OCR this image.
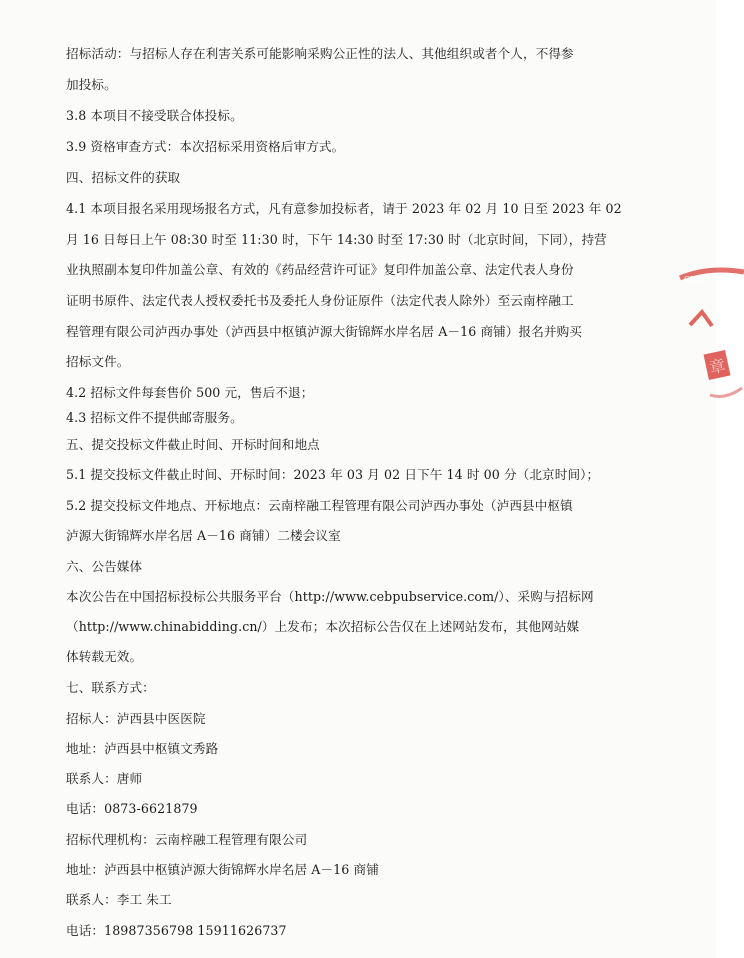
招标活动：与招标人存在利害关系可能影响采购公正性的法人、其他组织或者个人，不得参
加投标。
3.8 本项目不接受联合体投标。
3.9 资格审查方式：本次招标采用资格后审方式。
四、招标文件的获取
4.1 本项目报名采用现场报名方式，凡有意参加投标者，请于 2023 年 02 月 10 日至 2023 年 02
月 16 日每日上午 08:30 时至 11:30 时，下午 14:30 时至 17:30 时（北京时间，下同），持营
业执照副本复印件加盖公章、有效的《药品经营许可证》复印件加盖公章、法定代表人身份
证明书原件、法定代表人授权委托书及委托人身份证原件（法定代表人除外）至云南梓融工
程管理有限公司泸西办事处（泸西县中枢镇泸源大街锦辉水岸名居 A－16 商铺）报名并购买
招标文件。
4.2 招标文件每套售价 500 元，售后不退；
4.3 招标文件不提供邮寄服务。
五、提交投标文件截止时间、开标时间和地点
5.1 提交投标文件截止时间、开标时间：2023 年 03 月 02 日下午 14 时 00 分（北京时间）；
5.2 提交投标文件地点、开标地点：云南梓融工程管理有限公司泸西办事处（泸西县中枢镇
泸源大街锦辉水岸名居 A－16 商铺）二楼会议室
六、公告媒体
本次公告在中国招标投标公共服务平台（http://www.cebpubservice.com/）、采购与招标网
（http://www.chinabidding.cn/）上发布；本次招标公告仅在上述网站发布，其他网站媒
体转载无效。
七、联系方式：
招标人：泸西县中医医院
地址：泸西县中枢镇文秀路
联系人：唐师
电话：0873-6621879
招标代理机构：云南梓融工程管理有限公司
地址：泸西县中枢镇泸源大街锦辉水岸名居 A－16 商铺
联系人：李工 朱工
电话：18987356798 15911626737
CEOP
章
